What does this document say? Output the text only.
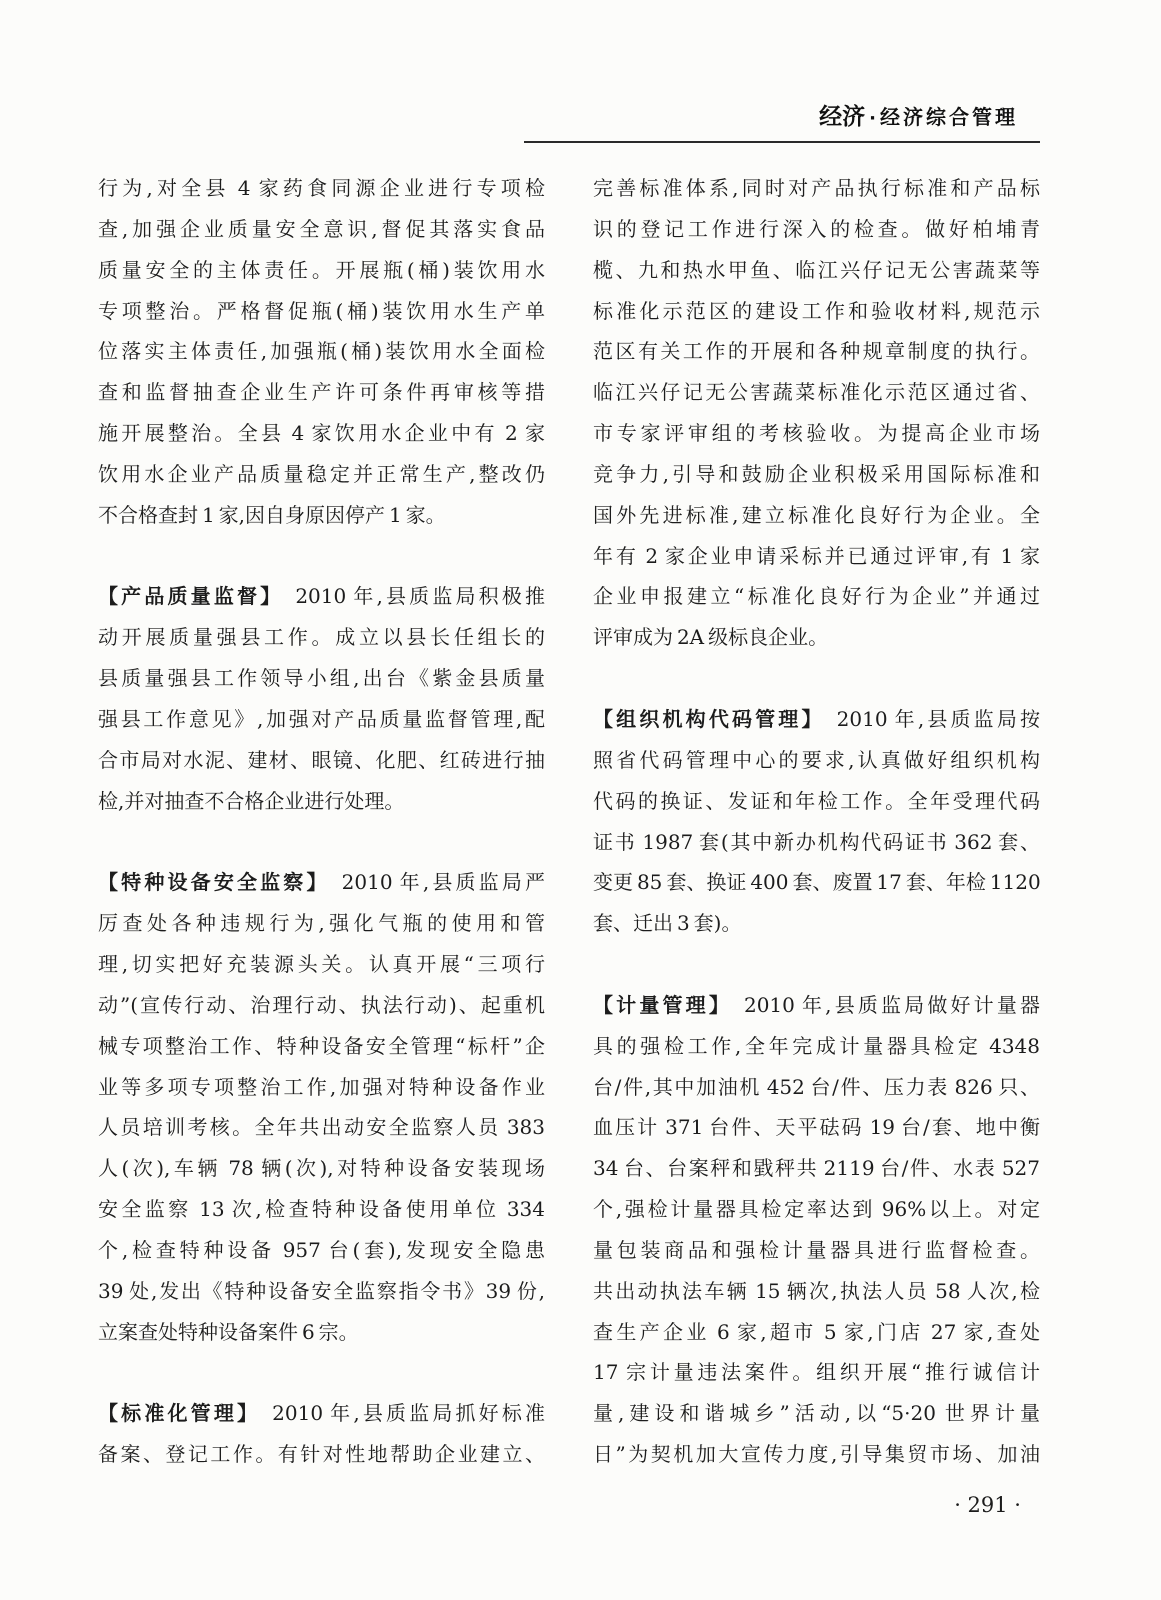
经济 · 经济综合管理
行为,对全县 4 家药食同源企业进行专项检
查,加强企业质量安全意识,督促其落实食品
质量安全的主体责任。开展瓶(桶)装饮用水
专项整治。严格督促瓶(桶)装饮用水生产单
位落实主体责任,加强瓶(桶)装饮用水全面检
查和监督抽查企业生产许可条件再审核等措
施开展整治。全县 4 家饮用水企业中有 2 家
饮用水企业产品质量稳定并正常生产,整改仍
不合格查封 1 家,因自身原因停产 1 家。
【产品质量监督】 2010 年,县质监局积极推
动开展质量强县工作。成立以县长任组长的
县质量强县工作领导小组,出台《紫金县质量
强县工作意见》,加强对产品质量监督管理,配
合市局对水泥、建材、眼镜、化肥、红砖进行抽
检,并对抽查不合格企业进行处理。
【特种设备安全监察】 2010 年,县质监局严
厉查处各种违规行为,强化气瓶的使用和管
理,切实把好充装源头关。认真开展“三项行
动”(宣传行动、治理行动、执法行动)、起重机
械专项整治工作、特种设备安全管理“标杆”企
业等多项专项整治工作,加强对特种设备作业
人员培训考核。全年共出动安全监察人员 383
人(次),车辆 78 辆(次),对特种设备安装现场
安全监察 13 次,检查特种设备使用单位 334
个,检查特种设备 957 台(套),发现安全隐患
39 处,发出《特种设备安全监察指令书》39 份,
立案查处特种设备案件 6 宗。
【标准化管理】 2010 年,县质监局抓好标准
备案、登记工作。有针对性地帮助企业建立、
完善标准体系,同时对产品执行标准和产品标
识的登记工作进行深入的检查。做好柏埔青
榄、九和热水甲鱼、临江兴仔记无公害蔬菜等
标准化示范区的建设工作和验收材料,规范示
范区有关工作的开展和各种规章制度的执行。
临江兴仔记无公害蔬菜标准化示范区通过省、
市专家评审组的考核验收。为提高企业市场
竞争力,引导和鼓励企业积极采用国际标准和
国外先进标准,建立标准化良好行为企业。全
年有 2 家企业申请采标并已通过评审,有 1 家
企业申报建立“标准化良好行为企业”并通过
评审成为 2A 级标良企业。
【组织机构代码管理】 2010 年,县质监局按
照省代码管理中心的要求,认真做好组织机构
代码的换证、发证和年检工作。全年受理代码
证书 1987 套(其中新办机构代码证书 362 套、
变更 85 套、换证 400 套、废置 17 套、年检 1120
套、迁出 3 套)。
【计量管理】 2010 年,县质监局做好计量器
具的强检工作,全年完成计量器具检定 4348
台/件,其中加油机 452 台/件、压力表 826 只、
血压计 371 台件、天平砝码 19 台/套、地中衡
34 台、台案秤和戥秤共 2119 台/件、水表 527
个,强检计量器具检定率达到 96%以上。对定
量包装商品和强检计量器具进行监督检查。
共出动执法车辆 15 辆次,执法人员 58 人次,检
查生产企业 6 家,超市 5 家,门店 27 家,查处
17 宗计量违法案件。组织开展“推行诚信计
量,建设和谐城乡”活动,以“5·20 世界计量
日”为契机加大宣传力度,引导集贸市场、加油
· 291 ·
